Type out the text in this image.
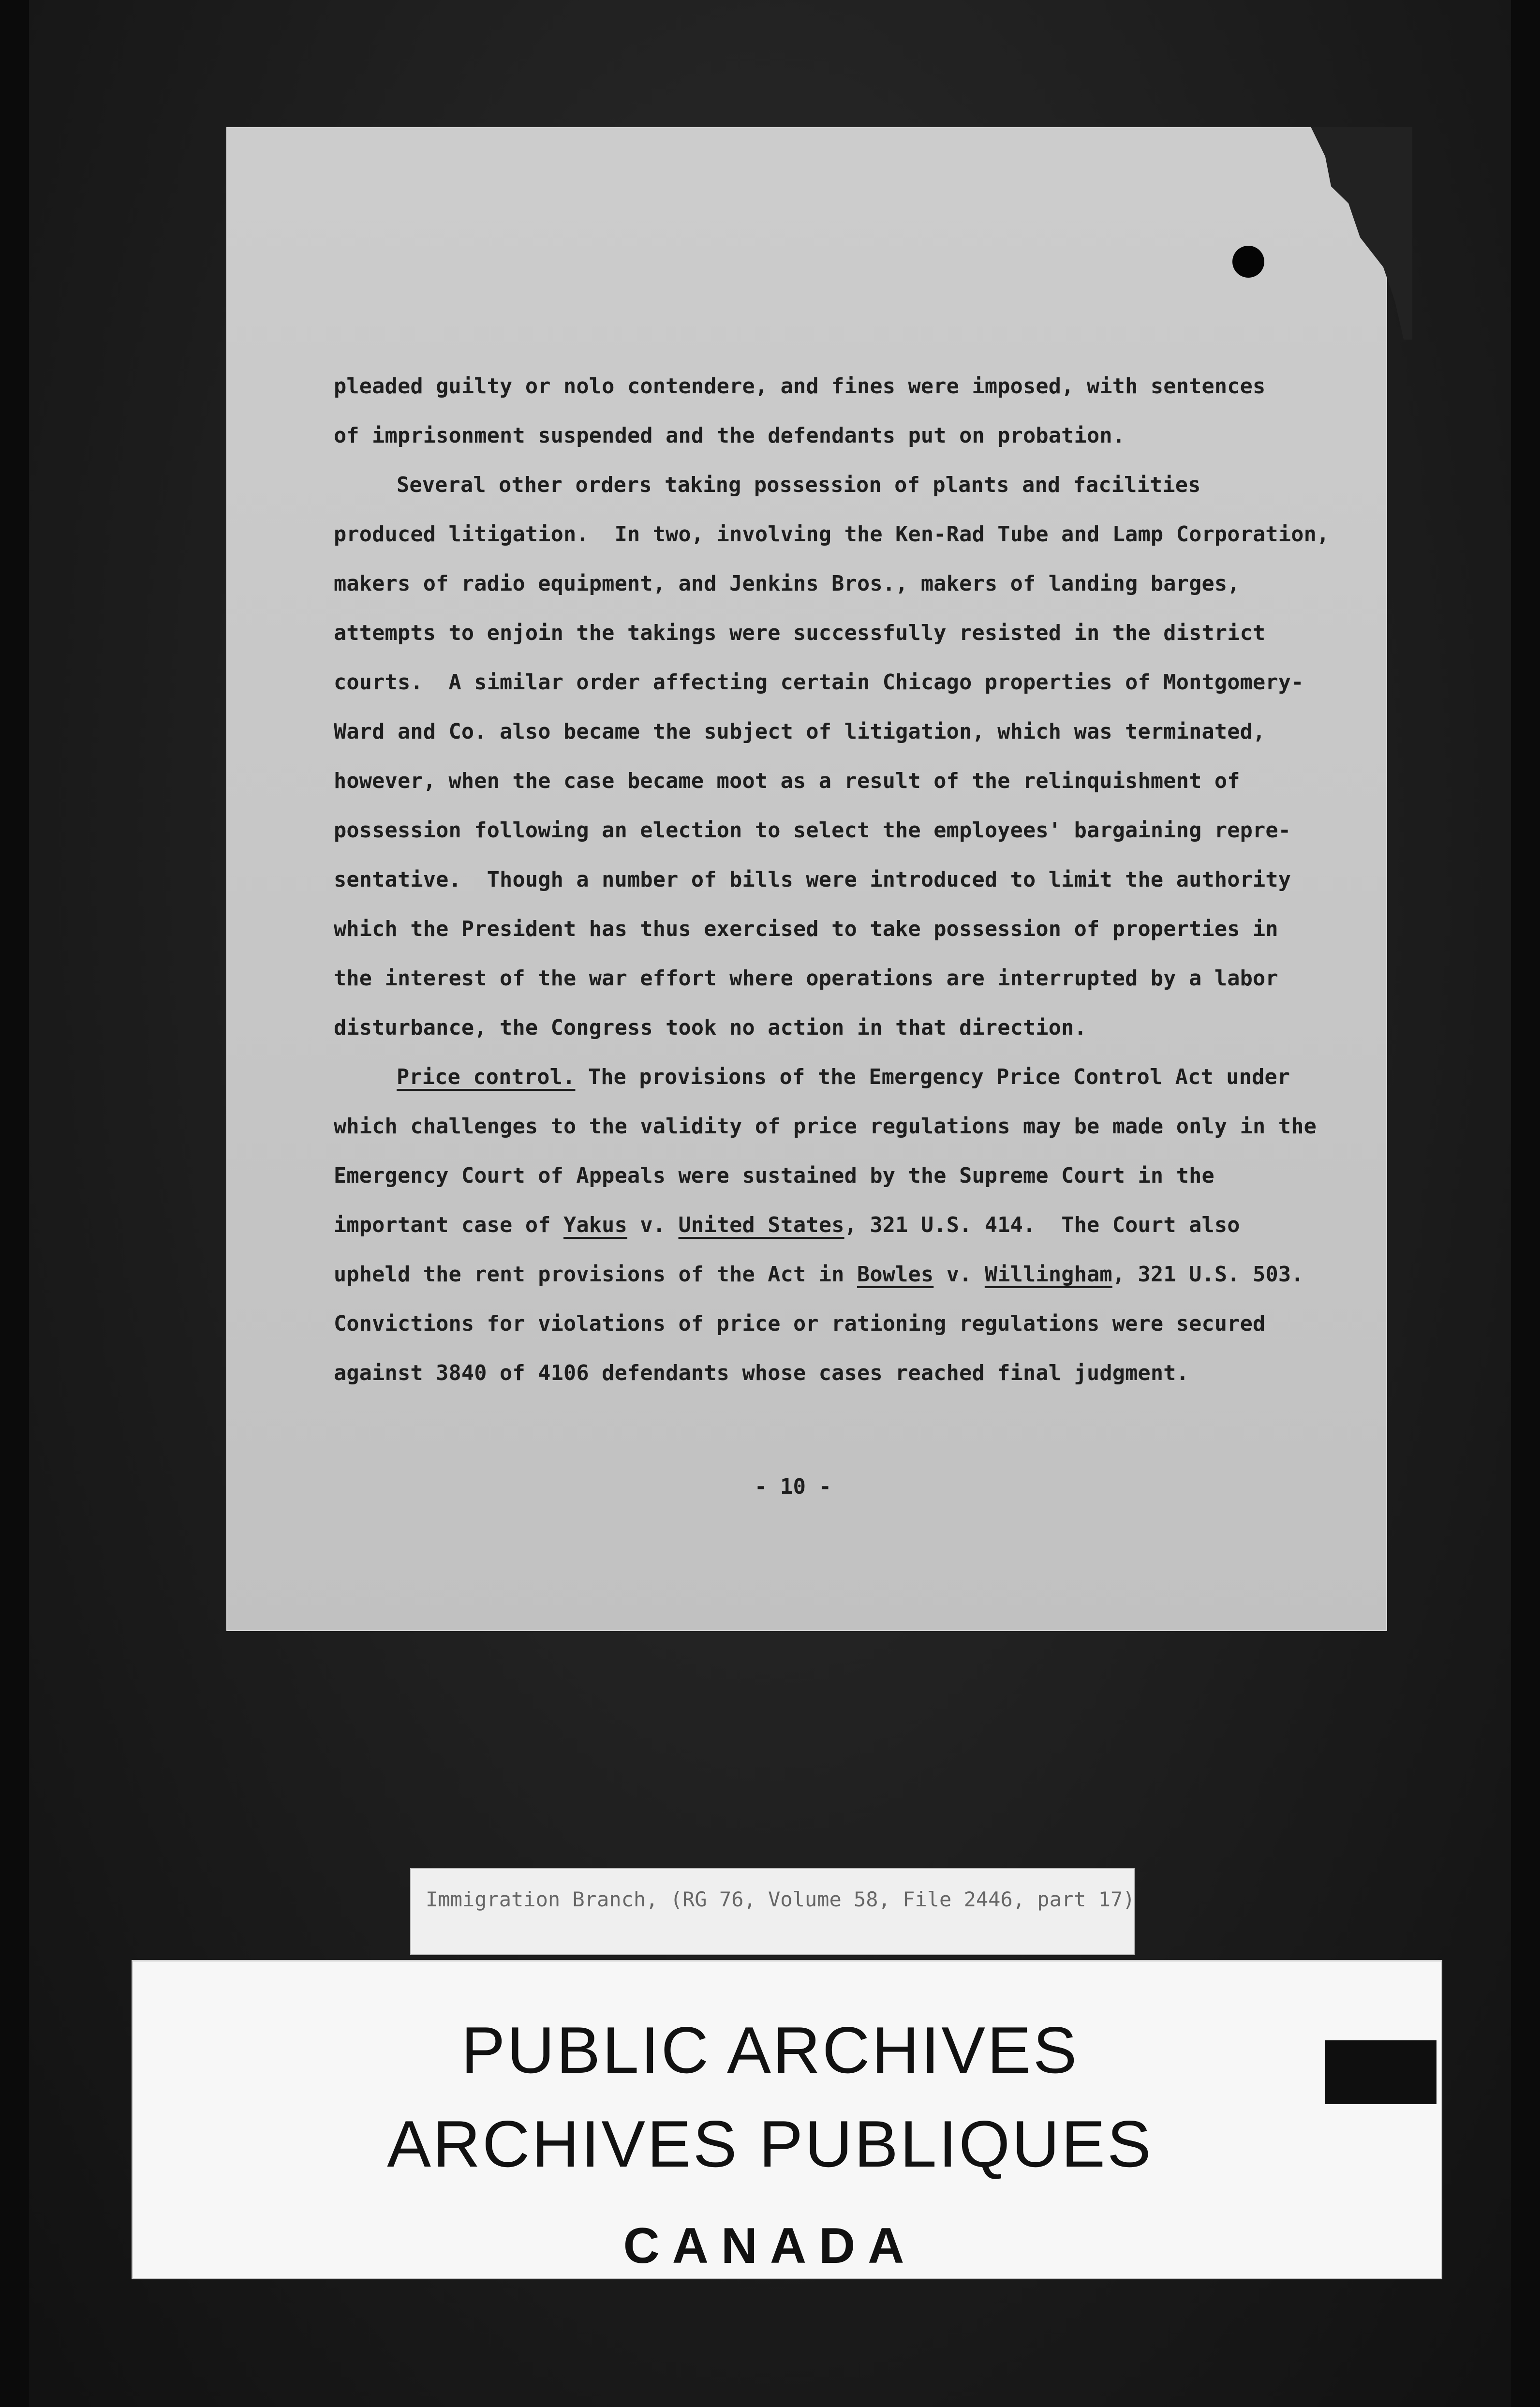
pleaded guilty or nolo contendere, and fines were imposed, with sentences
of imprisonment suspended and the defendants put on probation.
Several other orders taking possession of plants and facilities
produced litigation.  In two, involving the Ken-Rad Tube and Lamp Corporation,
makers of radio equipment, and Jenkins Bros., makers of landing barges,
attempts to enjoin the takings were successfully resisted in the district
courts.  A similar order affecting certain Chicago properties of Montgomery-
Ward and Co. also became the subject of litigation, which was terminated,
however, when the case became moot as a result of the relinquishment of
possession following an election to select the employees' bargaining repre-
sentative.  Though a number of bills were introduced to limit the authority
which the President has thus exercised to take possession of properties in
the interest of the war effort where operations are interrupted by a labor
disturbance, the Congress took no action in that direction.
Price control. The provisions of the Emergency Price Control Act under
which challenges to the validity of price regulations may be made only in the
Emergency Court of Appeals were sustained by the Supreme Court in the
important case of Yakus v. United States, 321 U.S. 414.  The Court also
upheld the rent provisions of the Act in Bowles v. Willingham, 321 U.S. 503.
Convictions for violations of price or rationing regulations were secured
against 3840 of 4106 defendants whose cases reached final judgment.
- 10 -
Immigration Branch, (RG 76, Volume 58, File 2446, part 17)
PUBLIC ARCHIVES
ARCHIVES PUBLIQUES
CANADA
